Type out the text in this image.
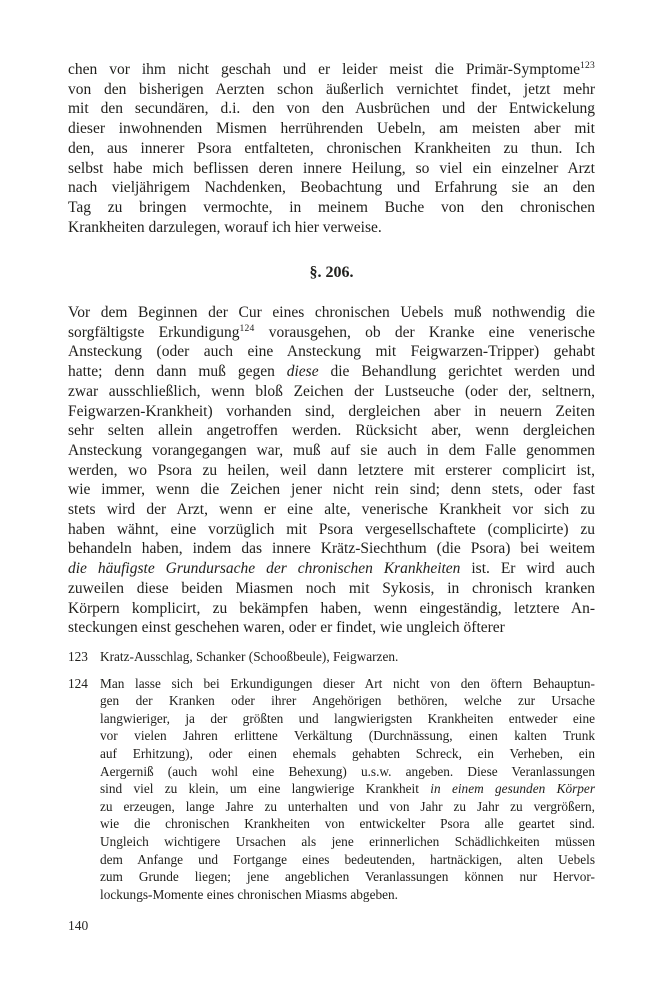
chen vor ihm nicht geschah und er leider meist die Primär-Symptome$^{123}$
von den bisherigen Aerzten schon äußerlich vernichtet findet, jetzt mehr
mit den secundären, d.i. den von den Ausbrüchen und der Entwickelung
dieser inwohnenden Mismen herrührenden Uebeln, am meisten aber mit
den, aus innerer Psora entfalteten, chronischen Krankheiten zu thun. Ich
selbst habe mich beflissen deren innere Heilung, so viel ein einzelner Arzt
nach vieljährigem Nachdenken, Beobachtung und Erfahrung sie an den
Tag zu bringen vermochte, in meinem Buche von den chronischen
Krankheiten darzulegen, worauf ich hier verweise.
§. 206.
Vor dem Beginnen der Cur eines chronischen Uebels muß nothwendig die
sorgfältigste Erkundigung$^{124}$ vorausgehen, ob der Kranke eine venerische
Ansteckung (oder auch eine Ansteckung mit Feigwarzen-Tripper) gehabt
hatte; denn dann muß gegen diese die Behandlung gerichtet werden und
zwar ausschließlich, wenn bloß Zeichen der Lustseuche (oder der, seltnern,
Feigwarzen-Krankheit) vorhanden sind, dergleichen aber in neuern Zeiten
sehr selten allein angetroffen werden. Rücksicht aber, wenn dergleichen
Ansteckung vorangegangen war, muß auf sie auch in dem Falle genommen
werden, wo Psora zu heilen, weil dann letztere mit ersterer complicirt ist,
wie immer, wenn die Zeichen jener nicht rein sind; denn stets, oder fast
stets wird der Arzt, wenn er eine alte, venerische Krankheit vor sich zu
haben wähnt, eine vorzüglich mit Psora vergesellschaftete (complicirte) zu
behandeln haben, indem das innere Krätz-Siechthum (die Psora) bei weitem
die häufigste Grundursache der chronischen Krankheiten ist. Er wird auch
zuweilen diese beiden Miasmen noch mit Sykosis, in chronisch kranken
Körpern komplicirt, zu bekämpfen haben, wenn eingeständig, letztere An-
steckungen einst geschehen waren, oder er findet, wie ungleich öfterer
123 Kratz-Ausschlag, Schanker (Schooßbeule), Feigwarzen.
124 Man lasse sich bei Erkundigungen dieser Art nicht von den öftern Behauptun-
gen der Kranken oder ihrer Angehörigen bethören, welche zur Ursache
langwieriger, ja der größten und langwierigsten Krankheiten entweder eine
vor vielen Jahren erlittene Verkältung (Durchnässung, einen kalten Trunk
auf Erhitzung), oder einen ehemals gehabten Schreck, ein Verheben, ein
Aergerniß (auch wohl eine Behexung) u.s.w. angeben. Diese Veranlassungen
sind viel zu klein, um eine langwierige Krankheit in einem gesunden Körper
zu erzeugen, lange Jahre zu unterhalten und von Jahr zu Jahr zu vergrößern,
wie die chronischen Krankheiten von entwickelter Psora alle geartet sind.
Ungleich wichtigere Ursachen als jene erinnerlichen Schädlichkeiten müssen
dem Anfange und Fortgange eines bedeutenden, hartnäckigen, alten Uebels
zum Grunde liegen; jene angeblichen Veranlassungen können nur Hervor-
lockungs-Momente eines chronischen Miasms abgeben.
140
